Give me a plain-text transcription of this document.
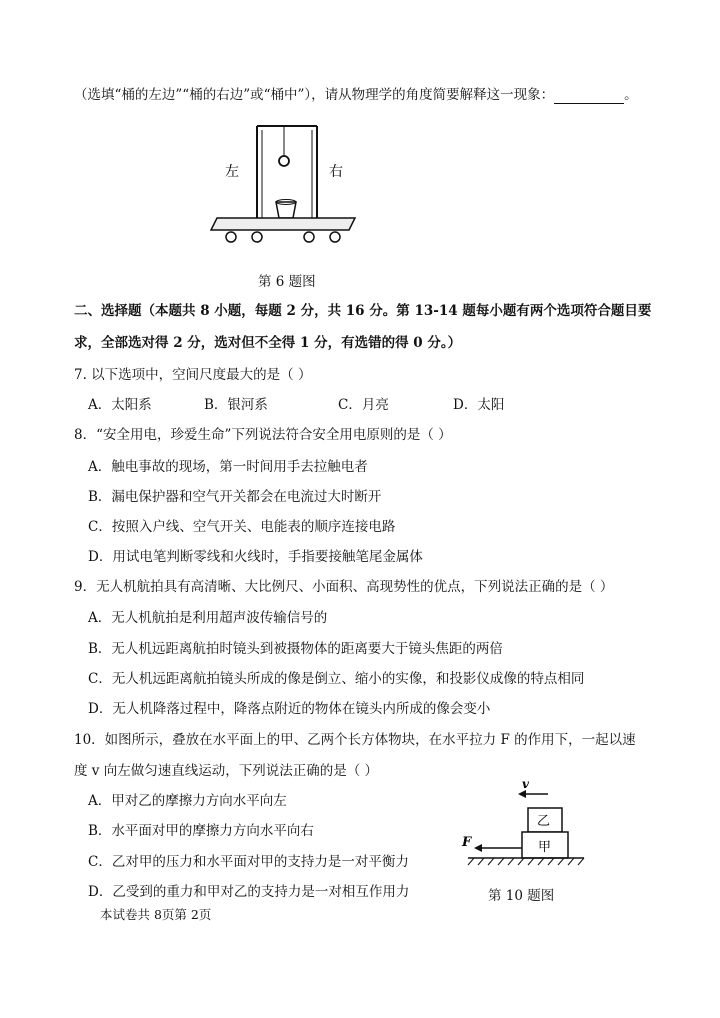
（选填“桶的左边”“桶的右边”或“桶中”），请从物理学的角度简要解释这一现象：	。
左	右
第 6 题图
二、选择题（本题共 8 小题，每题 2 分，共 16 分。第 13-14 题每小题有两个选项符合题目要
求，全部选对得 2 分，选对但不全得 1 分，有选错的得 0 分。）
7. 以下选项中，空间尺度最大的是（ ）
A．太阳系	B．银河系	C．月亮	D．太阳
8．“安全用电，珍爱生命”下列说法符合安全用电原则的是（ ）
A．触电事故的现场，第一时间用手去拉触电者
B．漏电保护器和空气开关都会在电流过大时断开
C．按照入户线、空气开关、电能表的顺序连接电路
D．用试电笔判断零线和火线时，手指要接触笔尾金属体
9．无人机航拍具有高清晰、大比例尺、小面积、高现势性的优点，下列说法正确的是（ ）
A．无人机航拍是利用超声波传输信号的
B．无人机远距离航拍时镜头到被摄物体的距离要大于镜头焦距的两倍
C．无人机远距离航拍镜头所成的像是倒立、缩小的实像，和投影仪成像的特点相同
D．无人机降落过程中，降落点附近的物体在镜头内所成的像会变小
10．如图所示，叠放在水平面上的甲、乙两个长方体物块，在水平拉力 F 的作用下，一起以速
度 v 向左做匀速直线运动，下列说法正确的是（ ）
A．甲对乙的摩擦力方向水平向左
B．水平面对甲的摩擦力方向水平向右
C．乙对甲的压力和水平面对甲的支持力是一对平衡力
D．乙受到的重力和甲对乙的支持力是一对相互作用力
v
乙
甲
F
第 10 题图
本试卷共 8页第 2页
